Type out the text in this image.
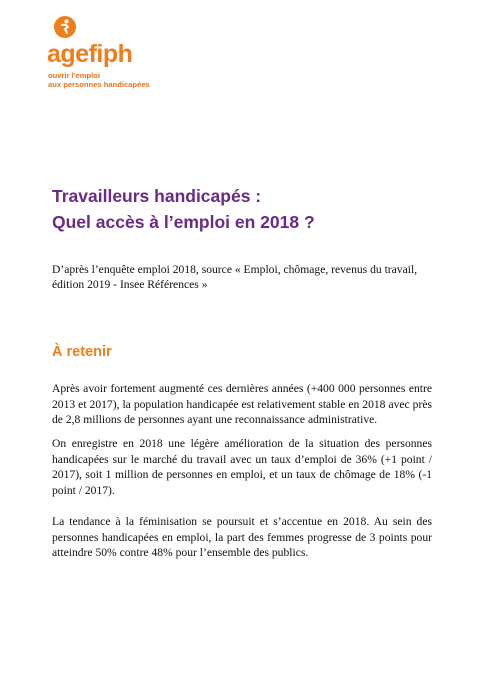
agefiph
ouvrir l'emploi
aux personnes handicapées
Travailleurs handicapés :
Quel accès à l’emploi en 2018 ?
D’après l’enquête emploi 2018, source « Emploi, chômage, revenus du travail, édition 2019 - Insee Références »
À retenir

Après avoir fortement augmenté ces dernières années (+400 000 personnes entre 2013 et 2017), la population handicapée est relativement stable en 2018 avec près de 2,8 millions de personnes ayant une reconnaissance administrative.

On enregistre en 2018 une légère amélioration de la situation des personnes handicapées sur le marché du travail avec un taux d’emploi de 36% (+1 point / 2017), soit 1 million de personnes en emploi, et un taux de chômage de 18% (-1 point / 2017).

La tendance à la féminisation se poursuit et s’accentue en 2018. Au sein des personnes handicapées en emploi, la part des femmes progresse de 3 points pour atteindre 50% contre 48% pour l’ensemble des publics.
